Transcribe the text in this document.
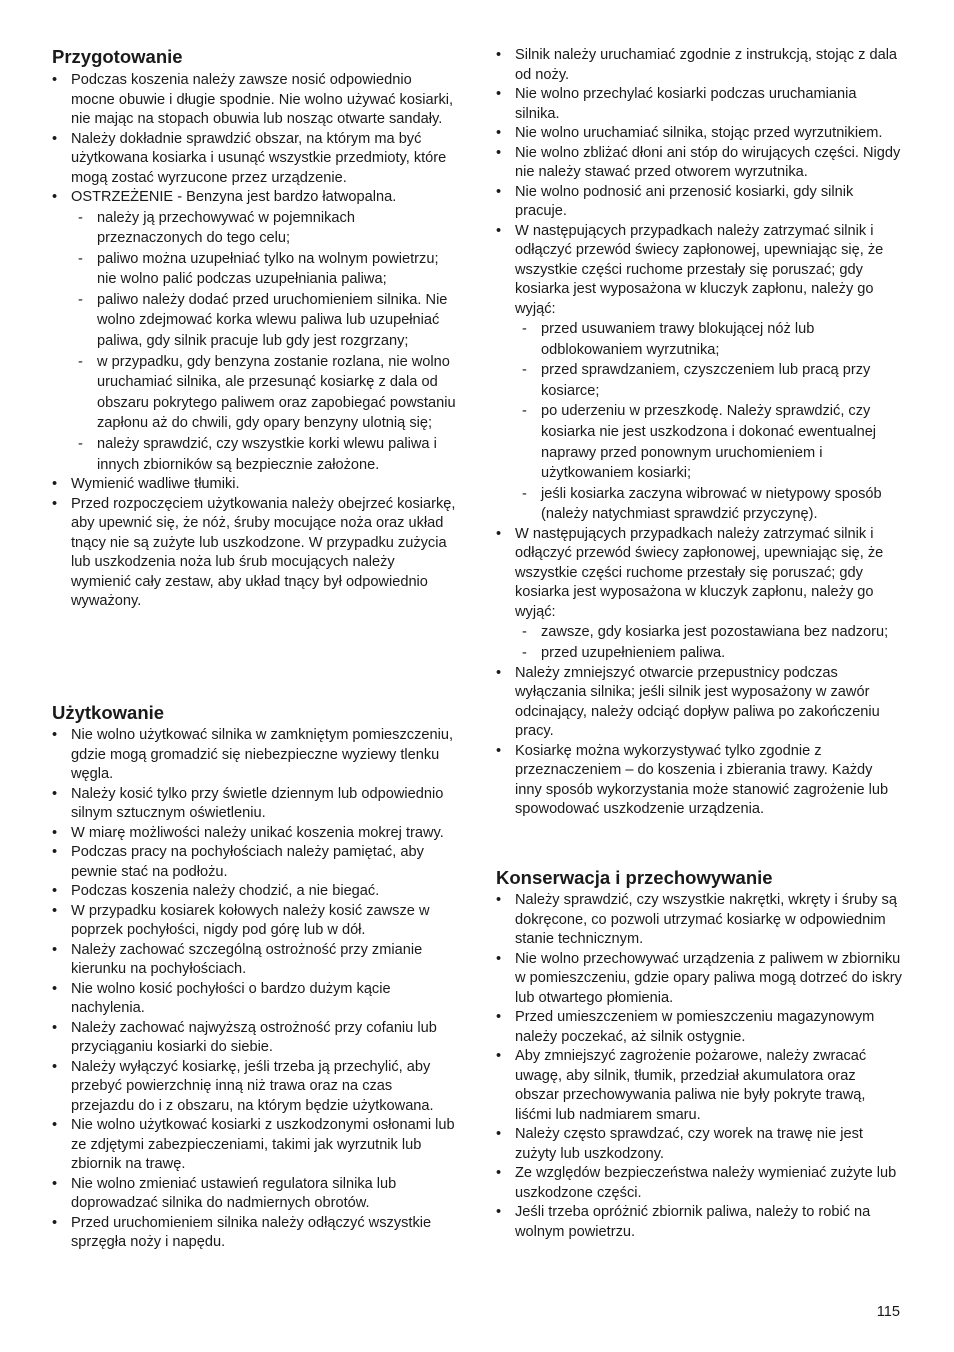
Przygotowanie
• Podczas koszenia należy zawsze nosić odpowiednio mocne obuwie i długie spodnie. Nie wolno używać kosiarki, nie mając na stopach obuwia lub nosząc otwarte sandały.
• Należy dokładnie sprawdzić obszar, na którym ma być użytkowana kosiarka i usunąć wszystkie przedmioty, które mogą zostać wyrzucone przez urządzenie.
• OSTRZEŻENIE - Benzyna jest bardzo łatwopalna.
- należy ją przechowywać w pojemnikach przeznaczonych do tego celu;
- paliwo można uzupełniać tylko na wolnym powietrzu; nie wolno palić podczas uzupełniania paliwa;
- paliwo należy dodać przed uruchomieniem silnika. Nie wolno zdejmować korka wlewu paliwa lub uzupełniać paliwa, gdy silnik pracuje lub gdy jest rozgrzany;
- w przypadku, gdy benzyna zostanie rozlana, nie wolno uruchamiać silnika, ale przesunąć kosiarkę z dala od obszaru pokrytego paliwem oraz zapobiegać powstaniu zapłonu aż do chwili, gdy opary benzyny ulotnią się;
- należy sprawdzić, czy wszystkie korki wlewu paliwa i innych zbiorników są bezpiecznie założone.
• Wymienić wadliwe tłumiki.
• Przed rozpoczęciem użytkowania należy obejrzeć kosiarkę, aby upewnić się, że nóż, śruby mocujące noża oraz układ tnący nie są zużyte lub uszkodzone. W przypadku zużycia lub uszkodzenia noża lub śrub mocujących należy wymienić cały zestaw, aby układ tnący był odpowiednio wyważony.
Użytkowanie
• Nie wolno użytkować silnika w zamkniętym pomieszczeniu, gdzie mogą gromadzić się niebezpieczne wyziewy tlenku węgla.
• Należy kosić tylko przy świetle dziennym lub odpowiednio silnym sztucznym oświetleniu.
• W miarę możliwości należy unikać koszenia mokrej trawy.
• Podczas pracy na pochyłościach należy pamiętać, aby pewnie stać na podłożu.
• Podczas koszenia należy chodzić, a nie biegać.
• W przypadku kosiarek kołowych należy kosić zawsze w poprzek pochyłości, nigdy pod górę lub w dół.
• Należy zachować szczególną ostrożność przy zmianie kierunku na pochyłościach.
• Nie wolno kosić pochyłości o bardzo dużym kącie nachylenia.
• Należy zachować najwyższą ostrożność przy cofaniu lub przyciąganiu kosiarki do siebie.
• Należy wyłączyć kosiarkę, jeśli trzeba ją przechylić, aby przebyć powierzchnię inną niż trawa oraz na czas przejazdu do i z obszaru, na którym będzie użytkowana.
• Nie wolno użytkować kosiarki z uszkodzonymi osłonami lub ze zdjętymi zabezpieczeniami, takimi jak wyrzutnik lub zbiornik na trawę.
• Nie wolno zmieniać ustawień regulatora silnika lub doprowadzać silnika do nadmiernych obrotów.
• Przed uruchomieniem silnika należy odłączyć wszystkie sprzęgła noży i napędu.
• Silnik należy uruchamiać zgodnie z instrukcją, stojąc z dala od noży.
• Nie wolno przechylać kosiarki podczas uruchamiania silnika.
• Nie wolno uruchamiać silnika, stojąc przed wyrzutnikiem.
• Nie wolno zbliżać dłoni ani stóp do wirujących części. Nigdy nie należy stawać przed otworem wyrzutnika.
• Nie wolno podnosić ani przenosić kosiarki, gdy silnik pracuje.
• W następujących przypadkach należy zatrzymać silnik i odłączyć przewód świecy zapłonowej, upewniając się, że wszystkie części ruchome przestały się poruszać; gdy kosiarka jest wyposażona w kluczyk zapłonu, należy go wyjąć:
- przed usuwaniem trawy blokującej nóż lub odblokowaniem wyrzutnika;
- przed sprawdzaniem, czyszczeniem lub pracą przy kosiarce;
- po uderzeniu w przeszkodę. Należy sprawdzić, czy kosiarka nie jest uszkodzona i dokonać ewentualnej naprawy przed ponownym uruchomieniem i użytkowaniem kosiarki;
- jeśli kosiarka zaczyna wibrować w nietypowy sposób (należy natychmiast sprawdzić przyczynę).
• W następujących przypadkach należy zatrzymać silnik i odłączyć przewód świecy zapłonowej, upewniając się, że wszystkie części ruchome przestały się poruszać; gdy kosiarka jest wyposażona w kluczyk zapłonu, należy go wyjąć:
- zawsze, gdy kosiarka jest pozostawiana bez nadzoru;
- przed uzupełnieniem paliwa.
• Należy zmniejszyć otwarcie przepustnicy podczas wyłączania silnika; jeśli silnik jest wyposażony w zawór odcinający, należy odciąć dopływ paliwa po zakończeniu pracy.
• Kosiarkę można wykorzystywać tylko zgodnie z przeznaczeniem – do koszenia i zbierania trawy. Każdy inny sposób wykorzystania może stanowić zagrożenie lub spowodować uszkodzenie urządzenia.
Konserwacja i przechowywanie
• Należy sprawdzić, czy wszystkie nakrętki, wkręty i śruby są dokręcone, co pozwoli utrzymać kosiarkę w odpowiednim stanie technicznym.
• Nie wolno przechowywać urządzenia z paliwem w zbiorniku w pomieszczeniu, gdzie opary paliwa mogą dotrzeć do iskry lub otwartego płomienia.
• Przed umieszczeniem w pomieszczeniu magazynowym należy poczekać, aż silnik ostygnie.
• Aby zmniejszyć zagrożenie pożarowe, należy zwracać uwagę, aby silnik, tłumik, przedział akumulatora oraz obszar przechowywania paliwa nie były pokryte trawą, liśćmi lub nadmiarem smaru.
• Należy często sprawdzać, czy worek na trawę nie jest zużyty lub uszkodzony.
• Ze względów bezpieczeństwa należy wymieniać zużyte lub uszkodzone części.
• Jeśli trzeba opróżnić zbiornik paliwa, należy to robić na wolnym powietrzu.
115
